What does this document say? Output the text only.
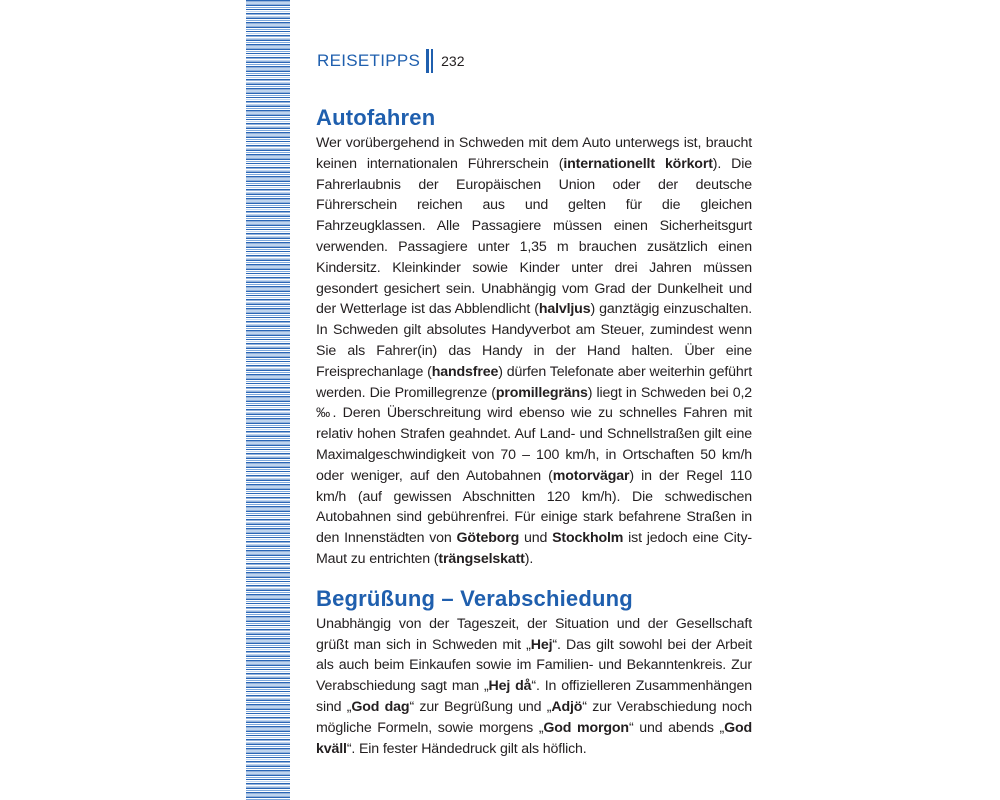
REISETIPPS 232
Autofahren

Wer vorübergehend in Schweden mit dem Auto unterwegs ist, braucht keinen internationalen Führerschein (internationellt körkort). Die Fahrerlaubnis der Europäischen Union oder der deutsche Führerschein reichen aus und gelten für die gleichen Fahrzeugklassen. Alle Passagiere müssen einen Sicherheitsgurt verwenden. Passagiere unter 1,35 m brauchen zusätzlich einen Kindersitz. Kleinkinder sowie Kinder unter drei Jahren müssen gesondert gesichert sein. Unabhängig vom Grad der Dunkelheit und der Wetterlage ist das Abblendlicht (halvljus) ganztägig einzuschalten. In Schweden gilt absolutes Handyverbot am Steuer, zumindest wenn Sie als Fahrer(in) das Handy in der Hand halten. Über eine Freisprechanlage (handsfree) dürfen Telefonate aber weiterhin geführt werden. Die Promillegrenze (promillegräns) liegt in Schweden bei 0,2 ‰. Deren Überschreitung wird ebenso wie zu schnelles Fahren mit relativ hohen Strafen geahndet. Auf Land- und Schnellstraßen gilt eine Maximalgeschwindigkeit von 70 – 100 km/h, in Ortschaften 50 km/h oder weniger, auf den Autobahnen (motorvägar) in der Regel 110 km/h (auf gewissen Abschnitten 120 km/h). Die schwedischen Autobahnen sind gebührenfrei. Für einige stark befahrene Straßen in den Innenstädten von Göteborg und Stockholm ist jedoch eine City-Maut zu entrichten (trängselskatt).

Begrüßung – Verabschiedung

Unabhängig von der Tageszeit, der Situation und der Gesellschaft grüßt man sich in Schweden mit „Hej“. Das gilt sowohl bei der Arbeit als auch beim Einkaufen sowie im Familien- und Bekanntenkreis. Zur Verabschiedung sagt man „Hej då“. In offizielleren Zusammenhängen sind „God dag“ zur Begrüßung und „Adjö“ zur Verabschiedung noch mögliche Formeln, sowie morgens „God morgon“ und abends „God kväll“. Ein fester Händedruck gilt als höflich.
